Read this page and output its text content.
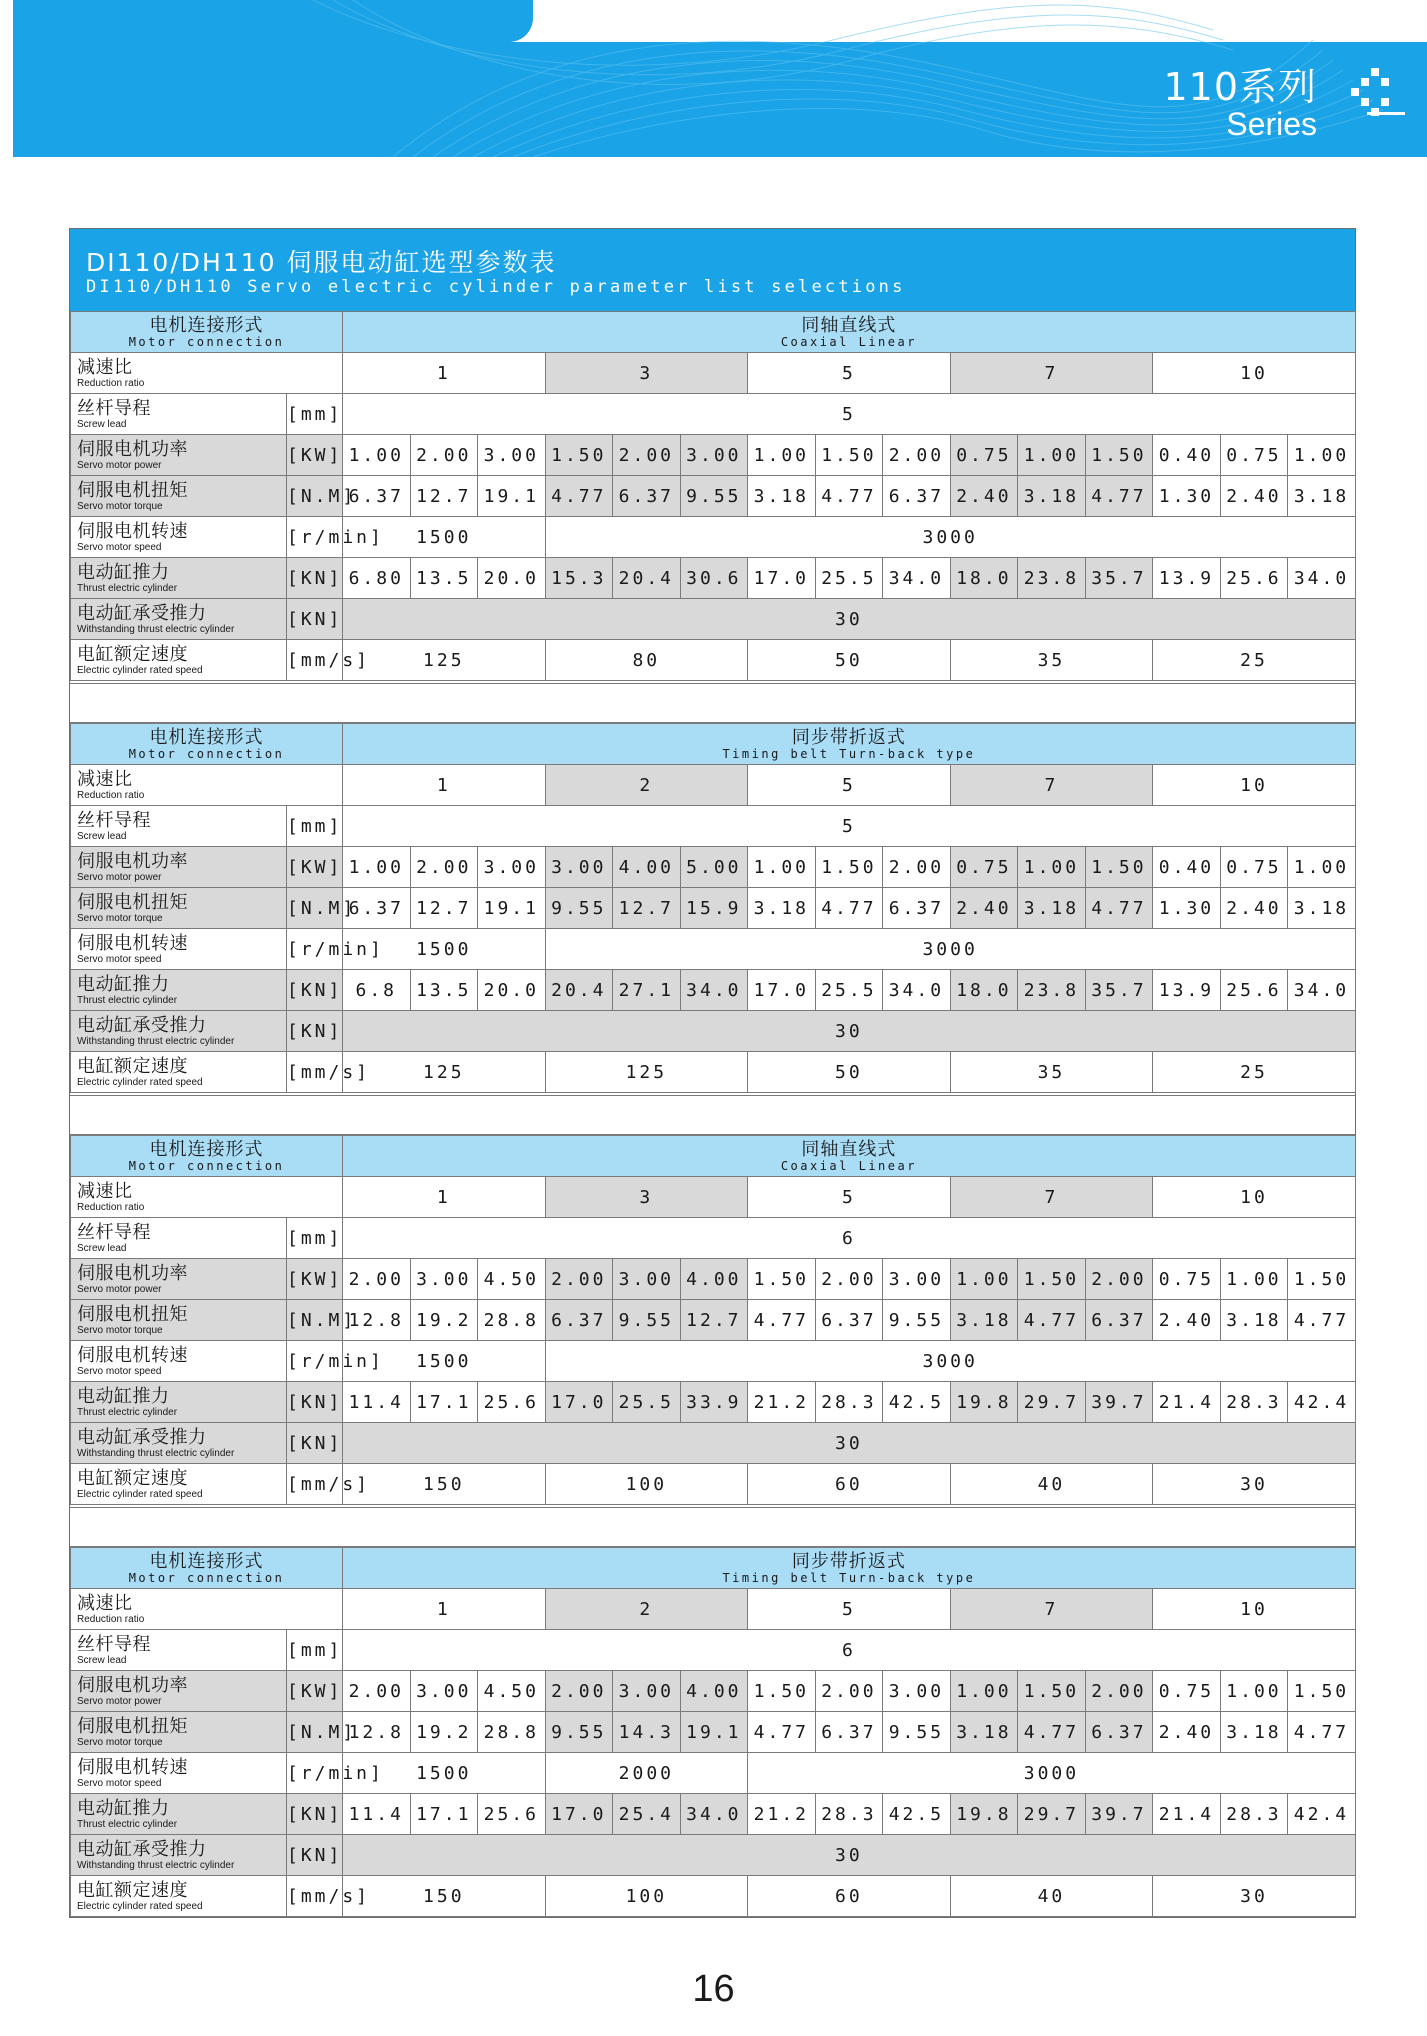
110系列
Series
DI110/DH110 伺服电动缸选型参数表
DI110/DH110 Servo electric cylinder parameter list selections
电机连接形式
Motor connection		同轴直线式
Coaxial Linear														

减速比
Reduction ratio		1			3			5			7			10		

丝杆导程
Screw lead	[mm]	5														

伺服电机功率
Servo motor power	[KW]	1.00	2.00	3.00	1.50	2.00	3.00	1.00	1.50	2.00	0.75	1.00	1.50	0.40	0.75	1.00

伺服电机扭矩
Servo motor torque	[N.M]	6.37	12.7	19.1	4.77	6.37	9.55	3.18	4.77	6.37	2.40	3.18	4.77	1.30	2.40	3.18

伺服电机转速
Servo motor speed	[r/min]	1500			3000											

电动缸推力
Thrust electric cylinder	[KN]	6.80	13.5	20.0	15.3	20.4	30.6	17.0	25.5	34.0	18.0	23.8	35.7	13.9	25.6	34.0

电动缸承受推力
Withstanding thrust electric cylinder	[KN]	30														

电缸额定速度
Electric cylinder rated speed	[mm/s]	125			80			50			35			25		
电机连接形式
Motor connection		同步带折返式
Timing belt Turn-back type														

减速比
Reduction ratio		1			2			5			7			10		

丝杆导程
Screw lead	[mm]	5														

伺服电机功率
Servo motor power	[KW]	1.00	2.00	3.00	3.00	4.00	5.00	1.00	1.50	2.00	0.75	1.00	1.50	0.40	0.75	1.00

伺服电机扭矩
Servo motor torque	[N.M]	6.37	12.7	19.1	9.55	12.7	15.9	3.18	4.77	6.37	2.40	3.18	4.77	1.30	2.40	3.18

伺服电机转速
Servo motor speed	[r/min]	1500			3000											

电动缸推力
Thrust electric cylinder	[KN]	6.8	13.5	20.0	20.4	27.1	34.0	17.0	25.5	34.0	18.0	23.8	35.7	13.9	25.6	34.0

电动缸承受推力
Withstanding thrust electric cylinder	[KN]	30														

电缸额定速度
Electric cylinder rated speed	[mm/s]	125			125			50			35			25		
电机连接形式
Motor connection		同轴直线式
Coaxial Linear														

减速比
Reduction ratio		1			3			5			7			10		

丝杆导程
Screw lead	[mm]	6														

伺服电机功率
Servo motor power	[KW]	2.00	3.00	4.50	2.00	3.00	4.00	1.50	2.00	3.00	1.00	1.50	2.00	0.75	1.00	1.50

伺服电机扭矩
Servo motor torque	[N.M]	12.8	19.2	28.8	6.37	9.55	12.7	4.77	6.37	9.55	3.18	4.77	6.37	2.40	3.18	4.77

伺服电机转速
Servo motor speed	[r/min]	1500			3000											

电动缸推力
Thrust electric cylinder	[KN]	11.4	17.1	25.6	17.0	25.5	33.9	21.2	28.3	42.5	19.8	29.7	39.7	21.4	28.3	42.4

电动缸承受推力
Withstanding thrust electric cylinder	[KN]	30														

电缸额定速度
Electric cylinder rated speed	[mm/s]	150			100			60			40			30		
电机连接形式
Motor connection		同步带折返式
Timing belt Turn-back type														

减速比
Reduction ratio		1			2			5			7			10		

丝杆导程
Screw lead	[mm]	6														

伺服电机功率
Servo motor power	[KW]	2.00	3.00	4.50	2.00	3.00	4.00	1.50	2.00	3.00	1.00	1.50	2.00	0.75	1.00	1.50

伺服电机扭矩
Servo motor torque	[N.M]	12.8	19.2	28.8	9.55	14.3	19.1	4.77	6.37	9.55	3.18	4.77	6.37	2.40	3.18	4.77

伺服电机转速
Servo motor speed	[r/min]	1500			2000			3000								

电动缸推力
Thrust electric cylinder	[KN]	11.4	17.1	25.6	17.0	25.4	34.0	21.2	28.3	42.5	19.8	29.7	39.7	21.4	28.3	42.4

电动缸承受推力
Withstanding thrust electric cylinder	[KN]	30														

电缸额定速度
Electric cylinder rated speed	[mm/s]	150			100			60			40			30		
16
